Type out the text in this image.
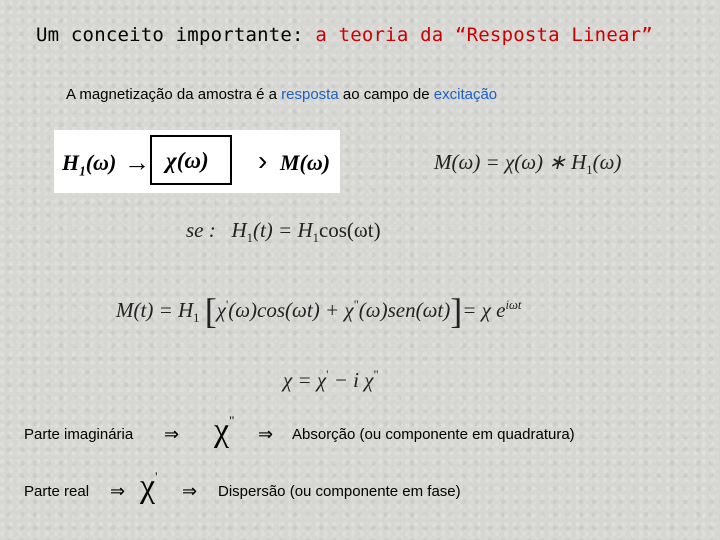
Um conceito importante: a teoria da “Resposta Linear”
A magnetização da amostra é a resposta ao campo de excitação
$H_1(\omega) \to \chi(\omega)$ › M(ω)	M(ω) = χ(ω) ∗ $H_1(\omega)$
se : $H_1(t) = H_1\cos(\omega t)$
$M(t) = H_1$ [χ'(ω)cos(ωt) + χ"(ω)sen(ωt)]= χ $e^{i\omega t}$
χ = χ' − i χ"
Parte imaginária ⇒ χ"
⇒ Absorção (ou componente em quadratura)
Parte real ⇒ χ'
⇒ Dispersão (ou componente em fase)
